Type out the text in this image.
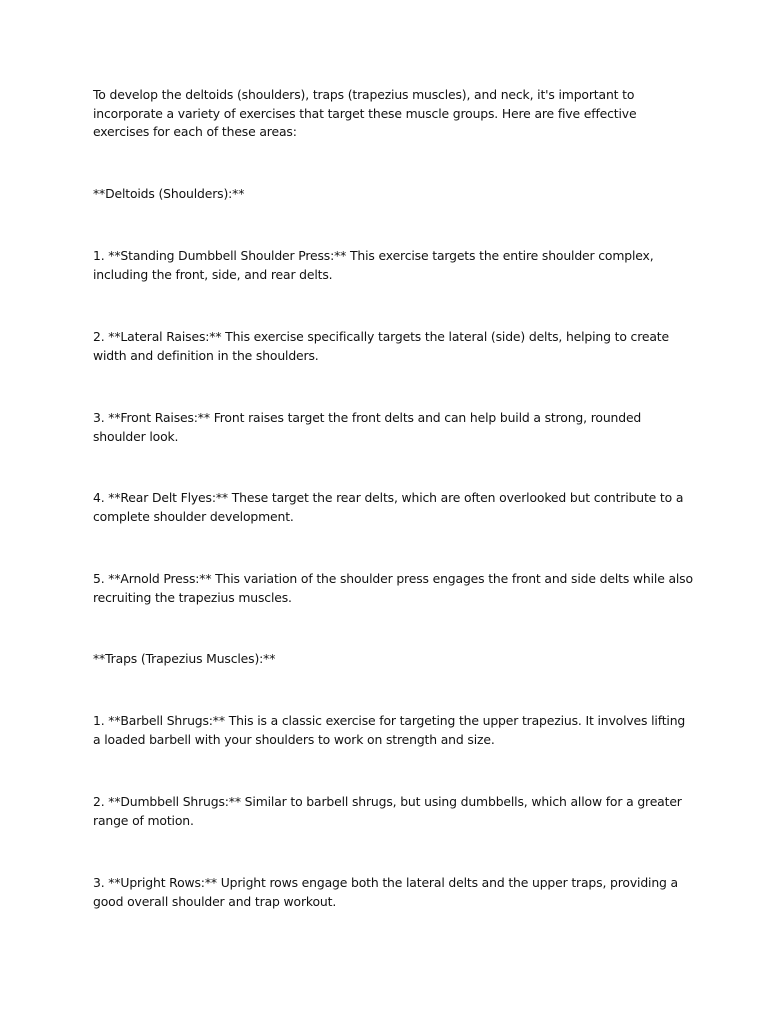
To develop the deltoids (shoulders), traps (trapezius muscles), and neck, it's important to incorporate a variety of exercises that target these muscle groups. Here are five effective exercises for each of these areas:

**Deltoids (Shoulders):**

1. **Standing Dumbbell Shoulder Press:** This exercise targets the entire shoulder complex, including the front, side, and rear delts.

2. **Lateral Raises:** This exercise specifically targets the lateral (side) delts, helping to create width and definition in the shoulders.

3. **Front Raises:** Front raises target the front delts and can help build a strong, rounded shoulder look.

4. **Rear Delt Flyes:** These target the rear delts, which are often overlooked but contribute to a complete shoulder development.

5. **Arnold Press:** This variation of the shoulder press engages the front and side delts while also recruiting the trapezius muscles.

**Traps (Trapezius Muscles):**

1. **Barbell Shrugs:** This is a classic exercise for targeting the upper trapezius. It involves lifting a loaded barbell with your shoulders to work on strength and size.

2. **Dumbbell Shrugs:** Similar to barbell shrugs, but using dumbbells, which allow for a greater range of motion.

3. **Upright Rows:** Upright rows engage both the lateral delts and the upper traps, providing a good overall shoulder and trap workout.
